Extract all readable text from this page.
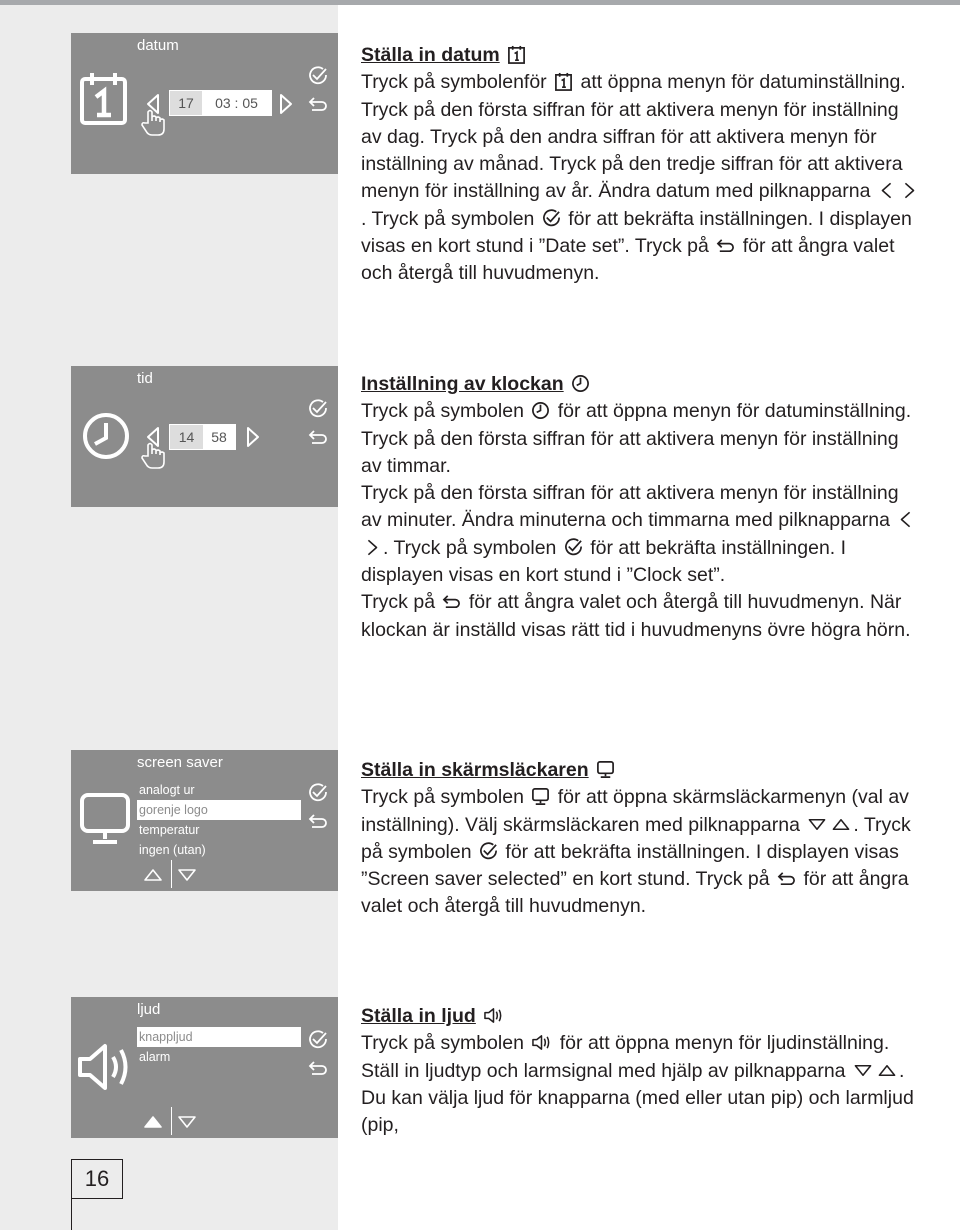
datum
17	03 : 05
tid
14	58
screen saver
analogt ur
gorenje logo
temperatur
ingen (utan)
ljud
knappljud
alarm
16
Ställa in datum
Tryck på symbolenför att öppna menyn för datuminställning. Tryck på den första siffran för att aktivera menyn för inställning av dag. Tryck på den andra siffran för att aktivera menyn för inställning av månad. Tryck på den tredje siffran för att aktivera menyn för inställning av år. Ändra datum med pilknapparna . Tryck på symbolen för att bekräfta inställningen. I displayen visas en kort stund i ”Date set”. Tryck på för att ångra valet och återgå till huvudmenyn.
Inställning av klockan
Tryck på symbolen för att öppna menyn för datuminställning.
Tryck på den första siffran för att aktivera menyn för inställning av timmar.
Tryck på den första siffran för att aktivera menyn för inställning av minuter. Ändra minuterna och timmarna med pilknapparna . Tryck på symbolen för att bekräfta inställningen. I displayen visas en kort stund i ”Clock set”.
Tryck på för att ångra valet och återgå till huvudmenyn. När klockan är inställd visas rätt tid i huvudmenyns övre högra hörn.
Ställa in skärmsläckaren
Tryck på symbolen för att öppna skärmsläckarmenyn (val av inställning). Välj skärmsläckaren med pilknapparna	. Tryck på symbolen för att bekräfta inställningen. I displayen visas ”Screen saver selected” en kort stund. Tryck på för att ångra valet och återgå till huvudmenyn.
Ställa in ljud
Tryck på symbolen för att öppna menyn för ljudinställning. Ställ in ljudtyp och larmsignal med hjälp av pilknapparna	. Du kan välja ljud för knapparna (med eller utan pip) och larmljud (pip,
